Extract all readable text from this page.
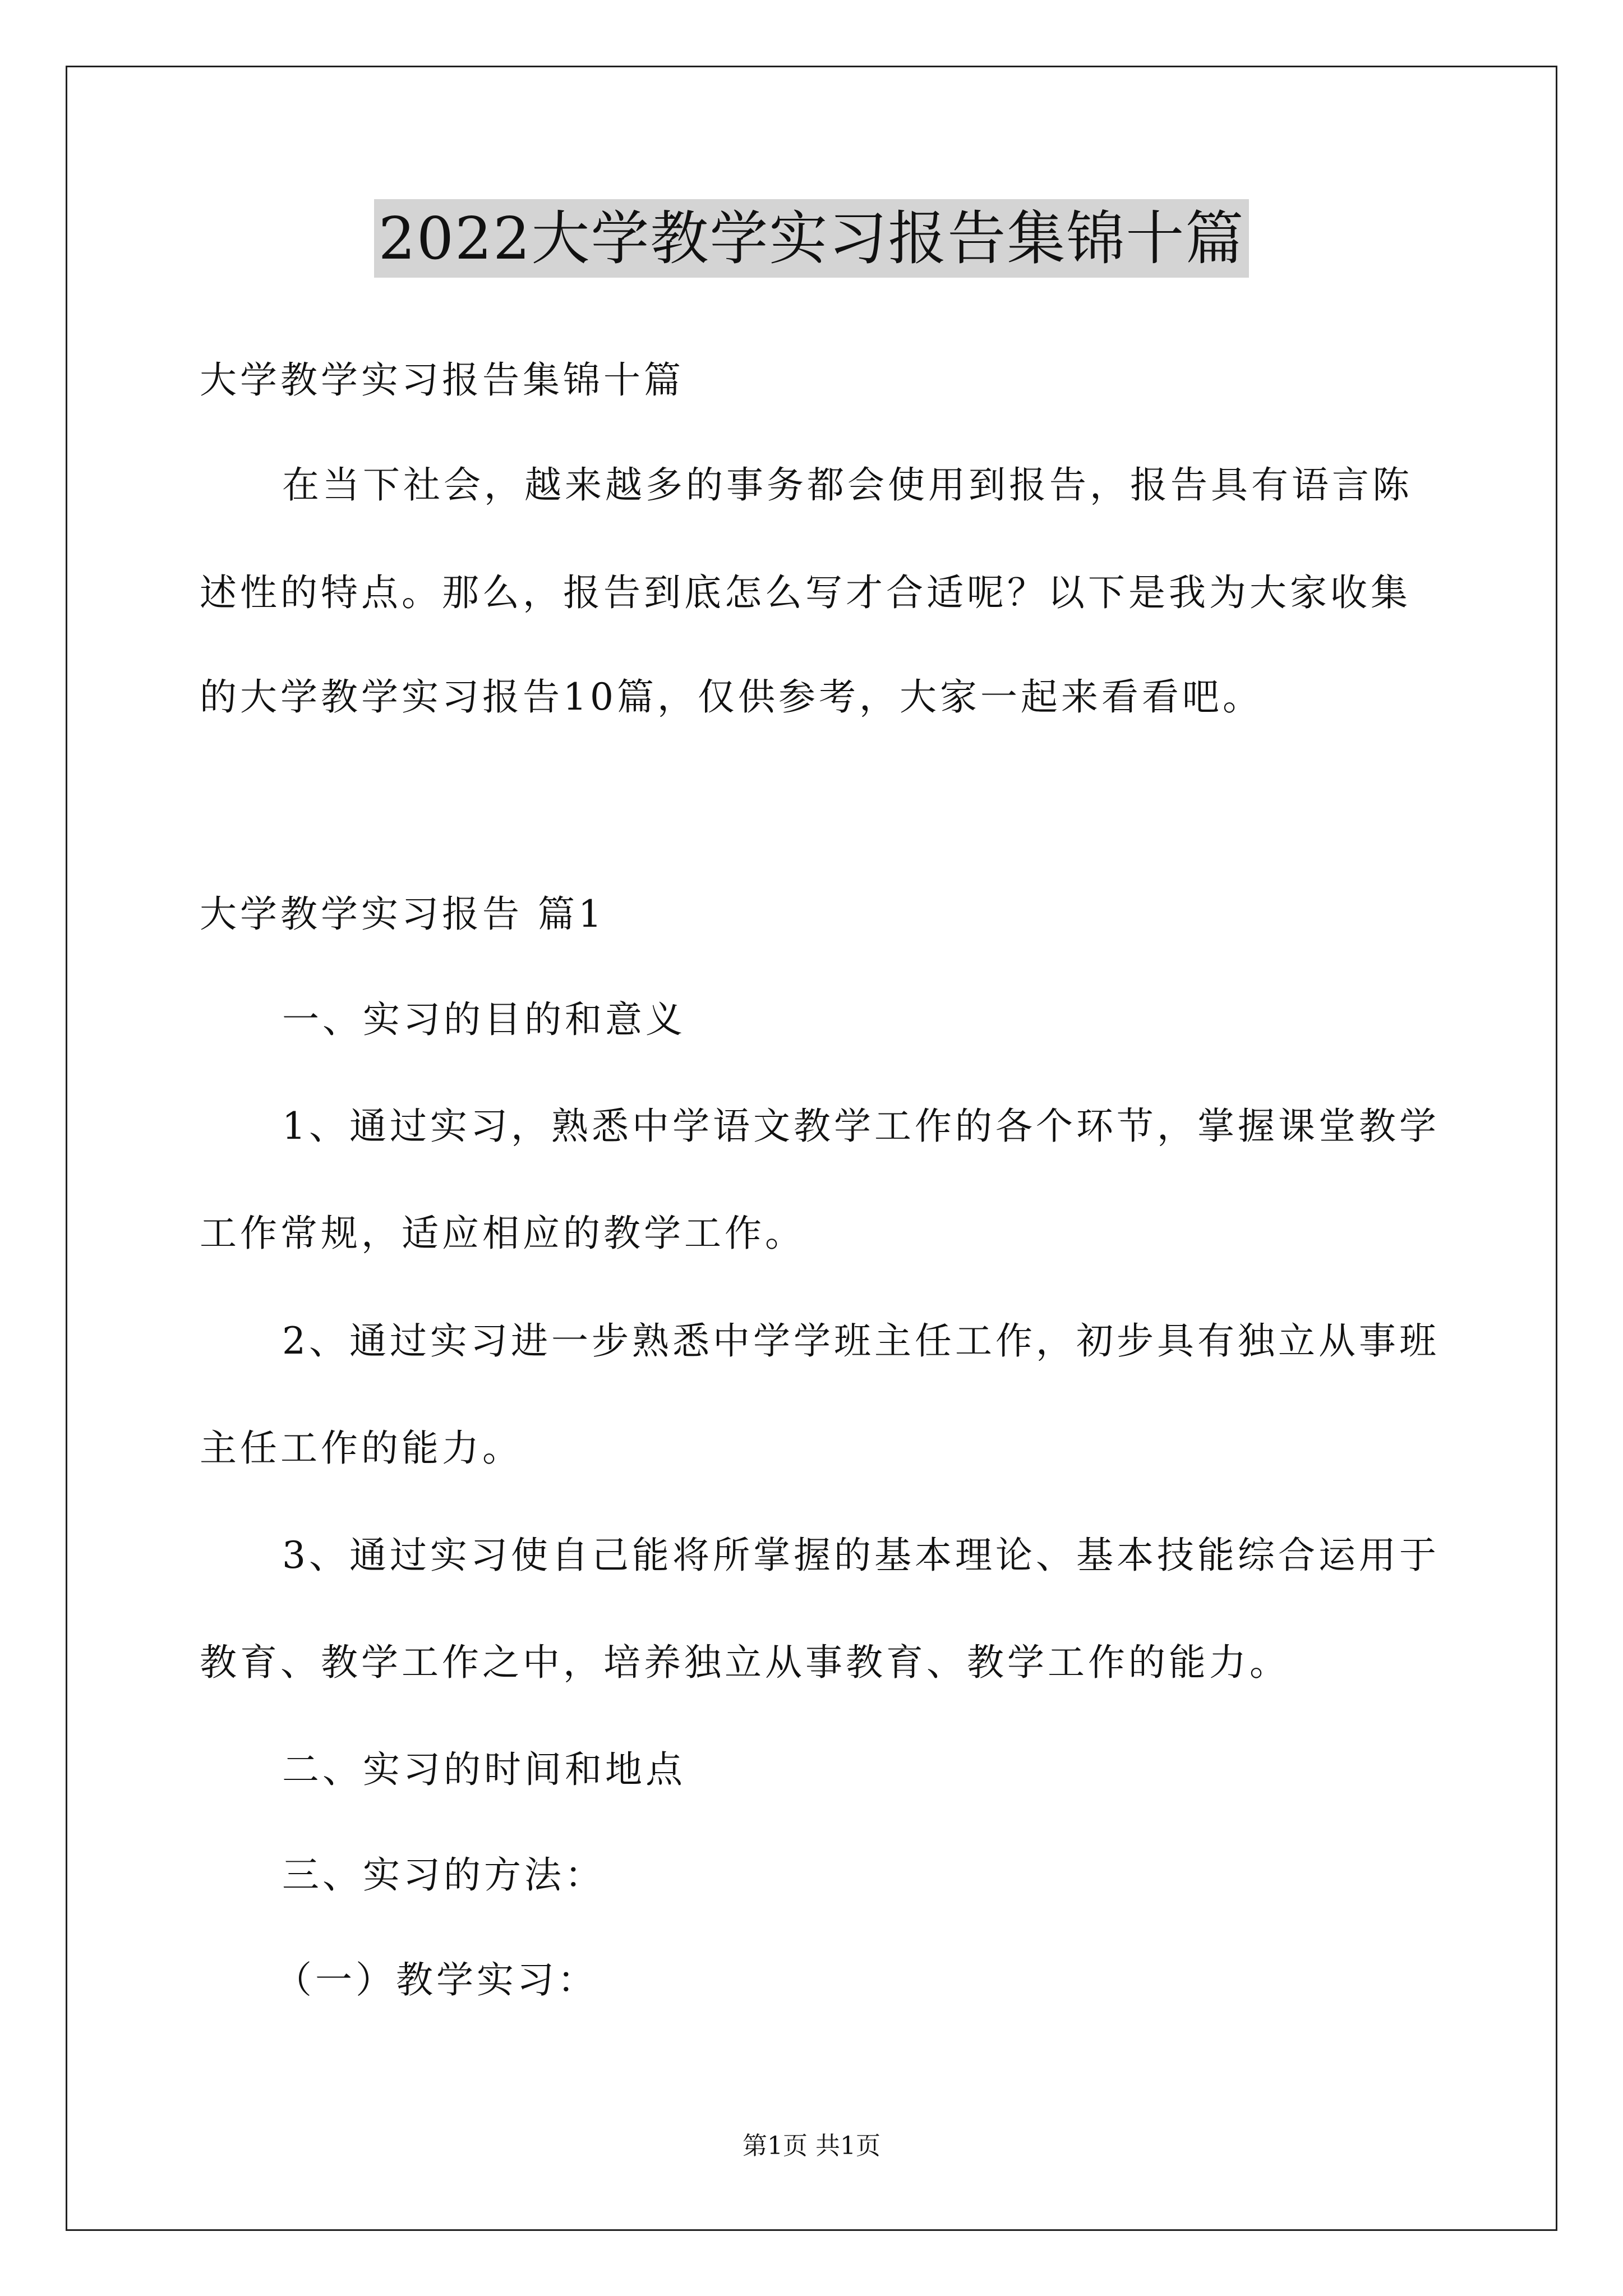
2022大学教学实习报告集锦十篇
大学教学实习报告集锦十篇
在当下社会，越来越多的事务都会使用到报告，报告具有语言陈
述性的特点。那么，报告到底怎么写才合适呢？以下是我为大家收集
的大学教学实习报告10篇，仅供参考，大家一起来看看吧。
大学教学实习报告 篇1
一、实习的目的和意义
1、通过实习，熟悉中学语文教学工作的各个环节，掌握课堂教学
工作常规，适应相应的教学工作。
2、通过实习进一步熟悉中学学班主任工作，初步具有独立从事班
主任工作的能力。
3、通过实习使自己能将所掌握的基本理论、基本技能综合运用于
教育、教学工作之中，培养独立从事教育、教学工作的能力。
二、实习的时间和地点
三、实习的方法：
（一）教学实习：
第1页 共1页
